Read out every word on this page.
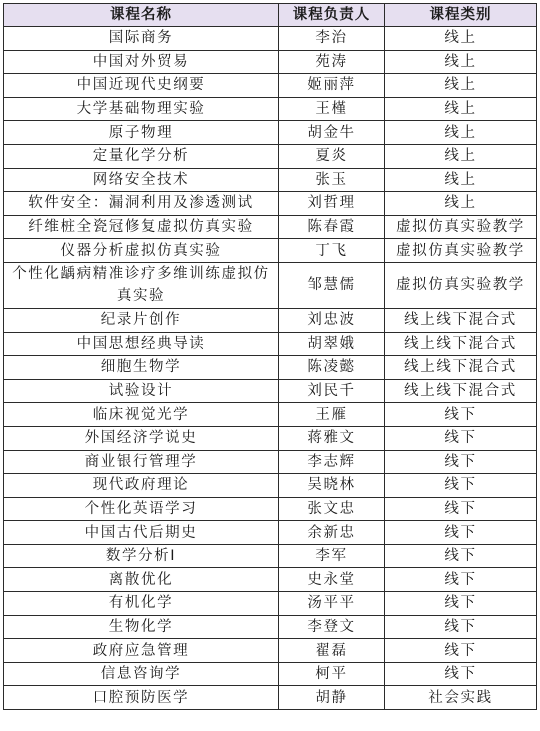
课程名称	课程负责人	课程类别
国际商务	李治	线上
中国对外贸易	苑涛	线上
中国近现代史纲要	姬丽萍	线上
大学基础物理实验	王槿	线上
原子物理	胡金牛	线上
定量化学分析	夏炎	线上
网络安全技术	张玉	线上
软件安全：漏洞利用及渗透测试	刘哲理	线上
纤维桩全瓷冠修复虚拟仿真实验	陈春霞	虚拟仿真实验教学
仪器分析虚拟仿真实验	丁飞	虚拟仿真实验教学
个性化龋病精准诊疗多维训练虚拟仿真实验	邹慧儒	虚拟仿真实验教学
纪录片创作	刘忠波	线上线下混合式
中国思想经典导读	胡翠娥	线上线下混合式
细胞生物学	陈凌懿	线上线下混合式
试验设计	刘民千	线上线下混合式
临床视觉光学	王雁	线下
外国经济学说史	蒋雅文	线下
商业银行管理学	李志辉	线下
现代政府理论	吴晓林	线下
个性化英语学习	张文忠	线下
中国古代后期史	余新忠	线下
数学分析Ⅰ	李军	线下
离散优化	史永堂	线下
有机化学	汤平平	线下
生物化学	李登文	线下
政府应急管理	翟磊	线下
信息咨询学	柯平	线下
口腔预防医学	胡静	社会实践
